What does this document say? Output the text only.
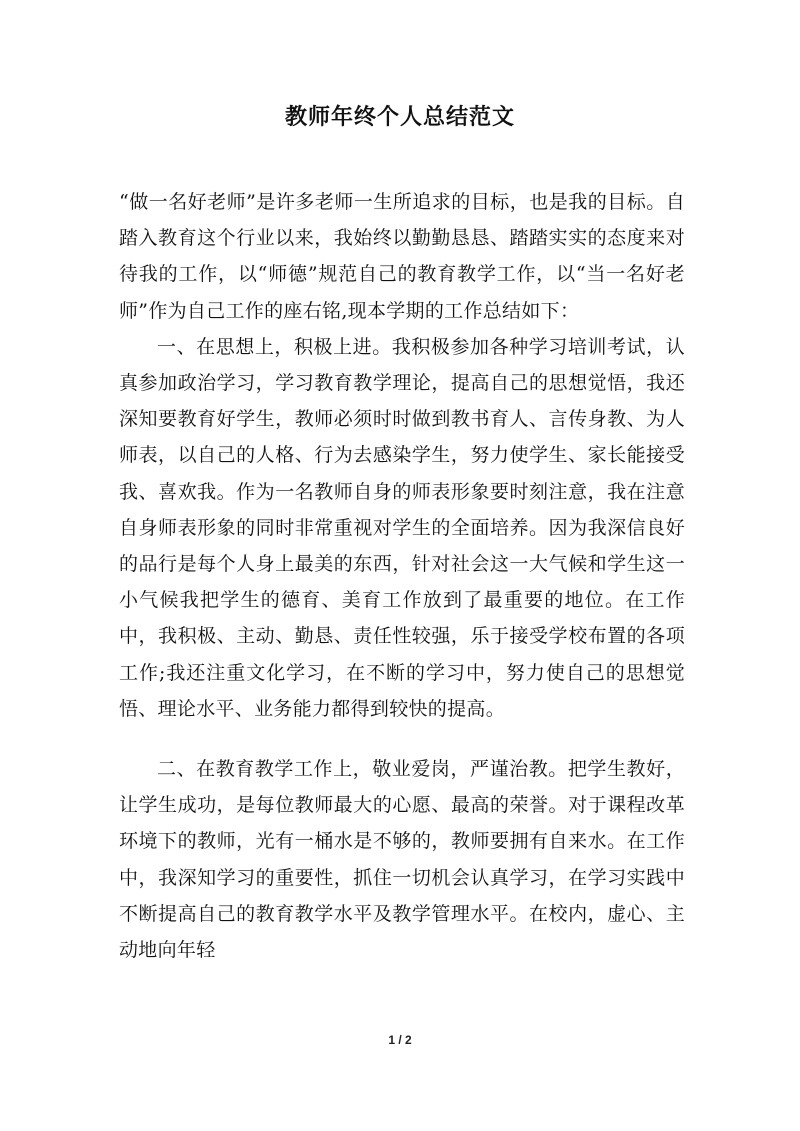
教师年终个人总结范文

“做一名好老师”是许多老师一生所追求的目标，也是我的目标。自踏入教育这个行业以来，我始终以勤勤恳恳、踏踏实实的态度来对待我的工作，以“师德”规范自己的教育教学工作，以“当一名好老师”作为自己工作的座右铭,现本学期的工作总结如下：

一、在思想上，积极上进。我积极参加各种学习培训考试，认真参加政治学习，学习教育教学理论，提高自己的思想觉悟，我还深知要教育好学生，教师必须时时做到教书育人、言传身教、为人师表，以自己的人格、行为去感染学生，努力使学生、家长能接受我、喜欢我。作为一名教师自身的师表形象要时刻注意，我在注意自身师表形象的同时非常重视对学生的全面培养。因为我深信良好的品行是每个人身上最美的东西，针对社会这一大气候和学生这一小气候我把学生的德育、美育工作放到了最重要的地位。在工作中，我积极、主动、勤恳、责任性较强，乐于接受学校布置的各项工作;我还注重文化学习，在不断的学习中，努力使自己的思想觉悟、理论水平、业务能力都得到较快的提高。

二、在教育教学工作上，敬业爱岗，严谨治教。把学生教好，让学生成功，是每位教师最大的心愿、最高的荣誉。对于课程改革环境下的教师，光有一桶水是不够的，教师要拥有自来水。在工作中，我深知学习的重要性，抓住一切机会认真学习，在学习实践中不断提高自己的教育教学水平及教学管理水平。在校内，虚心、主动地向年轻

1 / 2
